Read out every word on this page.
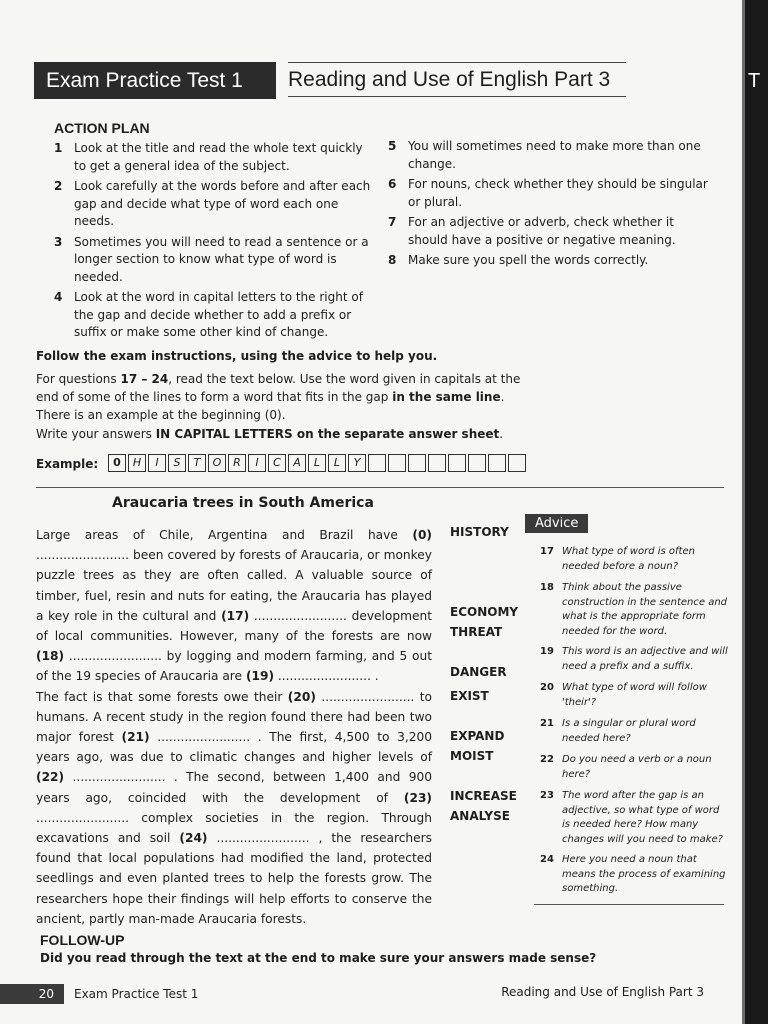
Exam Practice Test 1	Reading and Use of English Part 3
ACTION PLAN
1 Look at the title and read the whole text quickly to get a general idea of the subject.
2 Look carefully at the words before and after each gap and decide what type of word each one needs.
3 Sometimes you will need to read a sentence or a longer section to know what type of word is needed.
4 Look at the word in capital letters to the right of the gap and decide whether to add a prefix or suffix or make some other kind of change.
5 You will sometimes need to make more than one change.
6 For nouns, check whether they should be singular or plural.
7 For an adjective or adverb, check whether it should have a positive or negative meaning.
8 Make sure you spell the words correctly.
Follow the exam instructions, using the advice to help you.
For questions 17 – 24, read the text below. Use the word given in capitals at the end of some of the lines to form a word that fits in the gap in the same line. There is an example at the beginning (0).
Write your answers IN CAPITAL LETTERS on the separate answer sheet.
Example:	0	H	I	S	T	O	R	I	C	A	L	L	Y
Araucaria trees in South America

Large areas of Chile, Argentina and Brazil have (0) ........................ been covered by forests of Araucaria, or monkey puzzle trees as they are often called. A valuable source of timber, fuel, resin and nuts for eating, the Araucaria has played a key role in the cultural and (17) ........................ development of local communities. However, many of the forests are now (18) ........................ by logging and modern farming, and 5 out of the 19 species of Araucaria are (19) ........................ .

The fact is that some forests owe their (20) ........................ to humans. A recent study in the region found there had been two major forest (21) ........................ . The first, 4,500 to 3,200 years ago, was due to climatic changes and higher levels of (22) ........................ . The second, between 1,400 and 900 years ago, coincided with the development of (23) ........................ complex societies in the region. Through excavations and soil (24) ........................ , the researchers found that local populations had modified the land, protected seedlings and even planted trees to help the forests grow. The researchers hope their findings will help efforts to conserve the ancient, partly man-made Araucaria forests.

HISTORY
ECONOMY
THREAT
DANGER
EXIST
EXPAND
MOIST
INCREASE
ANALYSE
Advice
17 What type of word is often needed before a noun?
18 Think about the passive construction in the sentence and what is the appropriate form needed for the word.
19 This word is an adjective and will need a prefix and a suffix.
20 What type of word will follow 'their'?
21 Is a singular or plural word needed here?
22 Do you need a verb or a noun here?
23 The word after the gap is an adjective, so what type of word is needed here? How many changes will you need to make?
24 Here you need a noun that means the process of examining something.
FOLLOW-UP
Did you read through the text at the end to make sure your answers made sense?
20	Exam Practice Test 1	Reading and Use of English Part 3
T
